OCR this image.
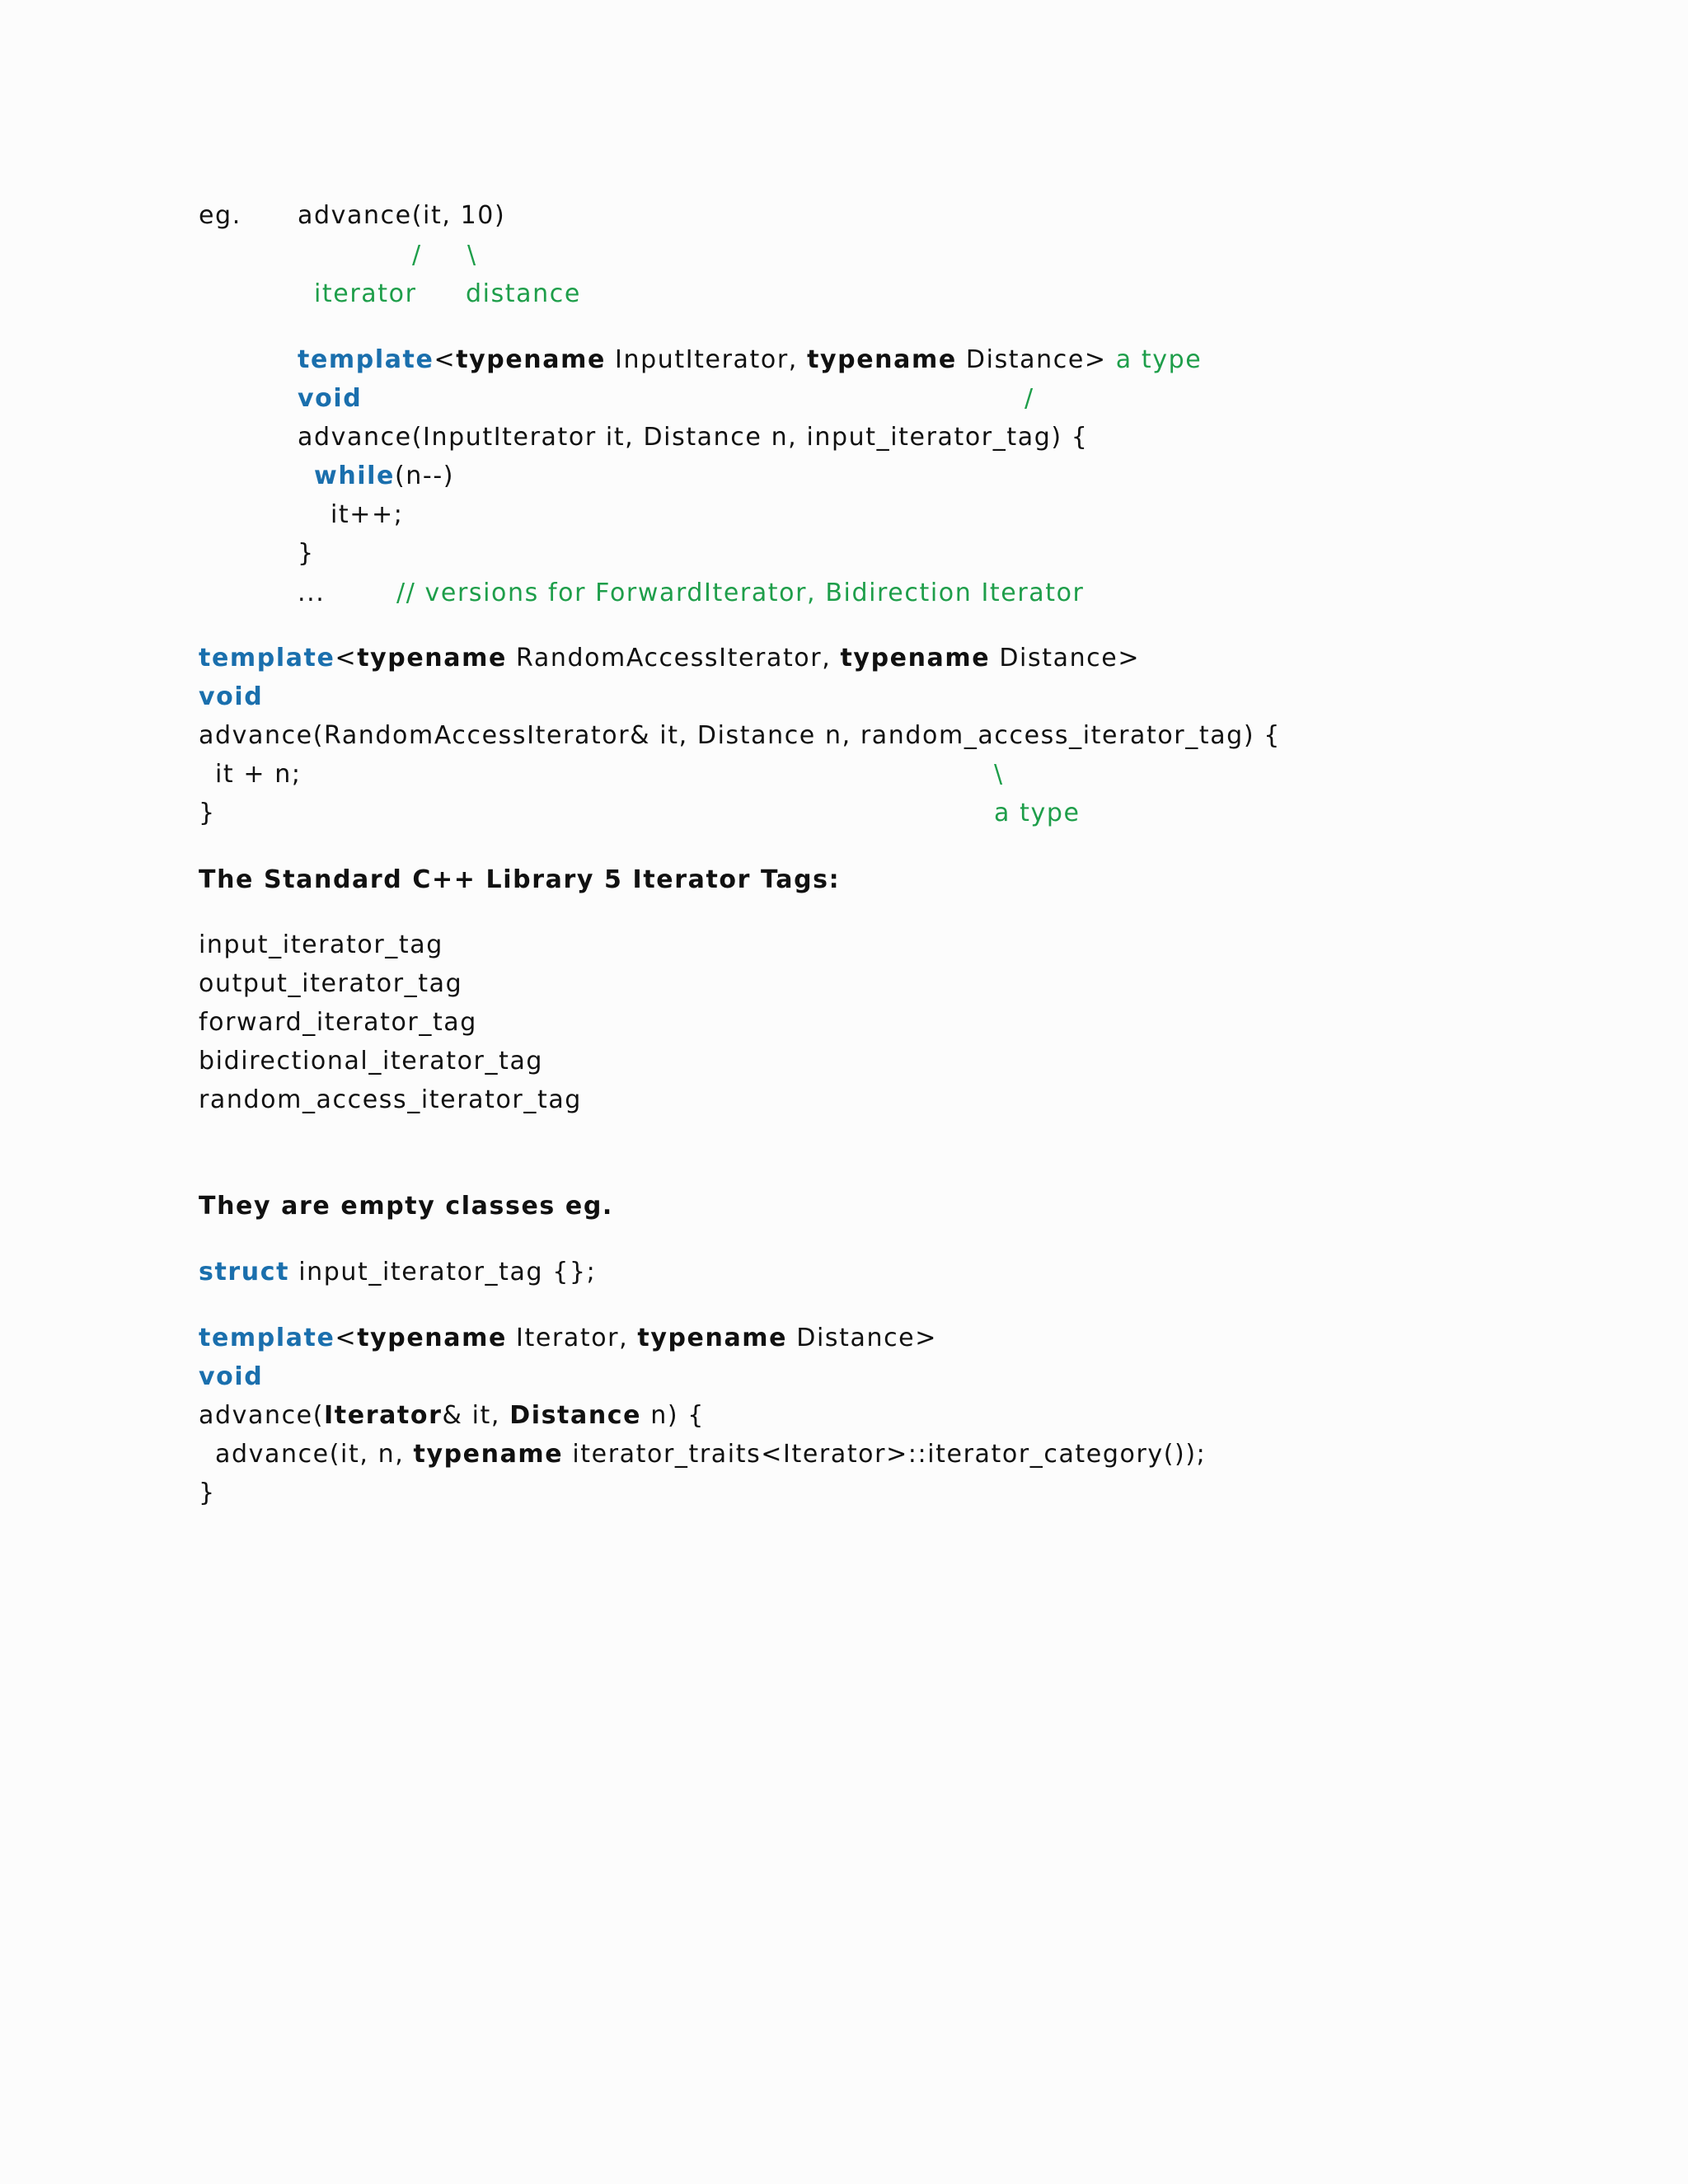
eg. advance(it, 10)
/ \
iterator distance
template<typename InputIterator, typename Distance> a type
void	/
advance(InputIterator it, Distance n, input_iterator_tag) {
while(n--)
it++;
}
...	// versions for ForwardIterator, Bidirection Iterator
template<typename RandomAccessIterator, typename Distance>
void
advance(RandomAccessIterator& it, Distance n, random_access_iterator_tag) {
it + n;	\
}	a type
The Standard C++ Library 5 Iterator Tags:
input_iterator_tag
output_iterator_tag
forward_iterator_tag
bidirectional_iterator_tag
random_access_iterator_tag
They are empty classes eg.
struct input_iterator_tag {};
template<typename Iterator, typename Distance>
void
advance(Iterator& it, Distance n) {
advance(it, n, typename iterator_traits<Iterator>::iterator_category());
}
